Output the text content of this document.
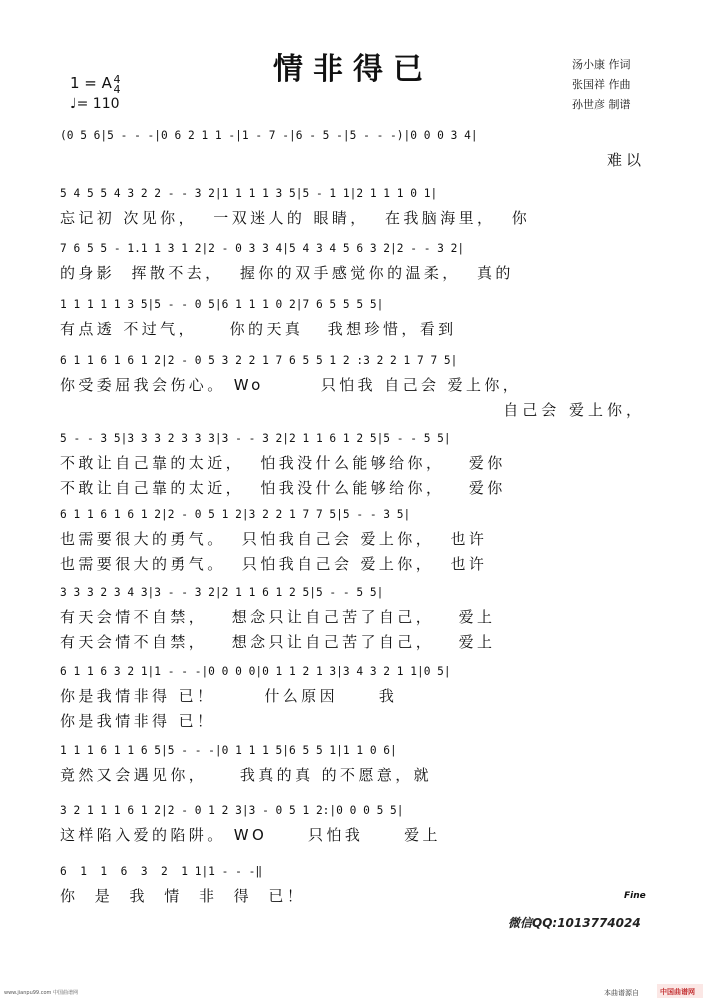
情非得已	汤小康 作词
张国祥 作曲
孙世彦 制谱
1 = A 4
4
♩= 110
(0 5 6|5 - - -|0 6 2 1 1 -|1 - 7 -|6 - 5 -|5 - - -)|0 0 0 3 4|
难以
5 4 5 5 4 3 2 2 - - 3 2|1 1 1 1 3 5|5 - 1 1|2 1 1 1 0 1|
忘记初 次见你，  一双迷人的 眼睛，  在我脑海里，  你
7 6 5 5 - 1.1 1 3 1 2|2 - 0 3 3 4|5 4 3 4 5 6 3 2|2 - - 3 2|
的身影  挥散不去，  握你的双手感觉你的温柔，  真的
1 1 1 1 1 3 5|5 - - 0 5|6 1 1 1 0 2|7 6 5 5 5 5|
有点透 不过气，    你的天真   我想珍惜，看到
6 1 1 6 1 6 1 2|2 - 0 5 3 2 2 1 7 6 5 5 1 2 :3 2 2 1 7 7 5|
你受委屈我会伤心。 Wo       只怕我 自己会 爱上你，
自己会 爱上你，
5 - - 3 5|3 3 3 2 3 3 3|3 - - 3 2|2 1 1 6 1 2 5|5 - - 5 5|
不敢让自己靠的太近，  怕我没什么能够给你，   爱你
不敢让自己靠的太近，  怕我没什么能够给你，   爱你
6 1 1 6 1 6 1 2|2 - 0 5 1 2|3 2 2 1 7 7 5|5 - - 3 5|
也需要很大的勇气。  只怕我自己会 爱上你，  也许
也需要很大的勇气。  只怕我自己会 爱上你，  也许
3 3 3 2 3 4 3|3 - - 3 2|2 1 1 6 1 2 5|5 - - 5 5|
有天会情不自禁，   想念只让自己苦了自己，   爱上
有天会情不自禁，   想念只让自己苦了自己，   爱上
6 1 1 6 3 2 1|1 - - -|0 0 0 0|0 1 1 2 1 3|3 4 3 2 1 1|0 5|
你是我情非得 已！      什么原因     我
你是我情非得 已！
1 1 1 6 1 1 6 5|5 - - -|0 1 1 1 5|6 5 5 1|1 1 0 6|
竟然又会遇见你，    我真的真 的不愿意，就
3 2 1 1 1 6 1 2|2 - 0 1 2 3|3 - 0 5 1 2:|0 0 0 5 5|
这样陷入爱的陷阱。 WO     只怕我     爱上
6  1  1  6  3  2  1 1|1 - - -‖
你  是  我  情  非  得  已！	Fine
微信QQ:1013774024
www.jianpu99.com 中国曲谱网	本曲谱源自	中国曲谱网
